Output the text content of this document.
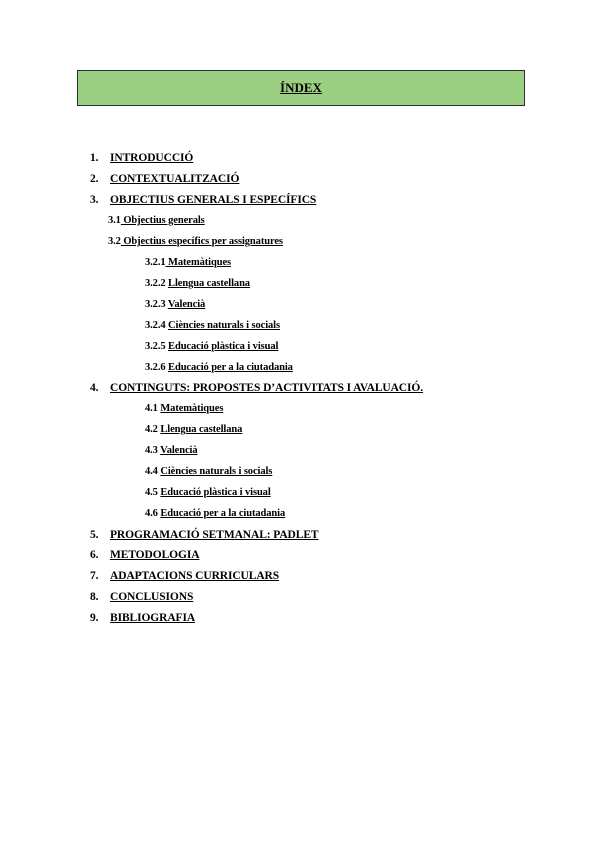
ÍNDEX
1. INTRODUCCIÓ
2. CONTEXTUALITZACIÓ
3. OBJECTIUS GENERALS I ESPECÍFICS
3.1 Objectius generals
3.2 Objectius específics per assignatures
3.2.1 Matemàtiques
3.2.2 Llengua castellana
3.2.3 Valencià
3.2.4 Ciències naturals i socials
3.2.5 Educació plàstica i visual
3.2.6 Educació per a la ciutadania
4. CONTINGUTS: PROPOSTES D’ACTIVITATS I AVALUACIÓ.
4.1 Matemàtiques
4.2 Llengua castellana
4.3 Valencià
4.4 Ciències naturals i socials
4.5 Educació plàstica i visual
4.6 Educació per a la ciutadania
5. PROGRAMACIÓ SETMANAL: PADLET
6. METODOLOGIA
7. ADAPTACIONS CURRICULARS
8. CONCLUSIONS
9. BIBLIOGRAFIA
